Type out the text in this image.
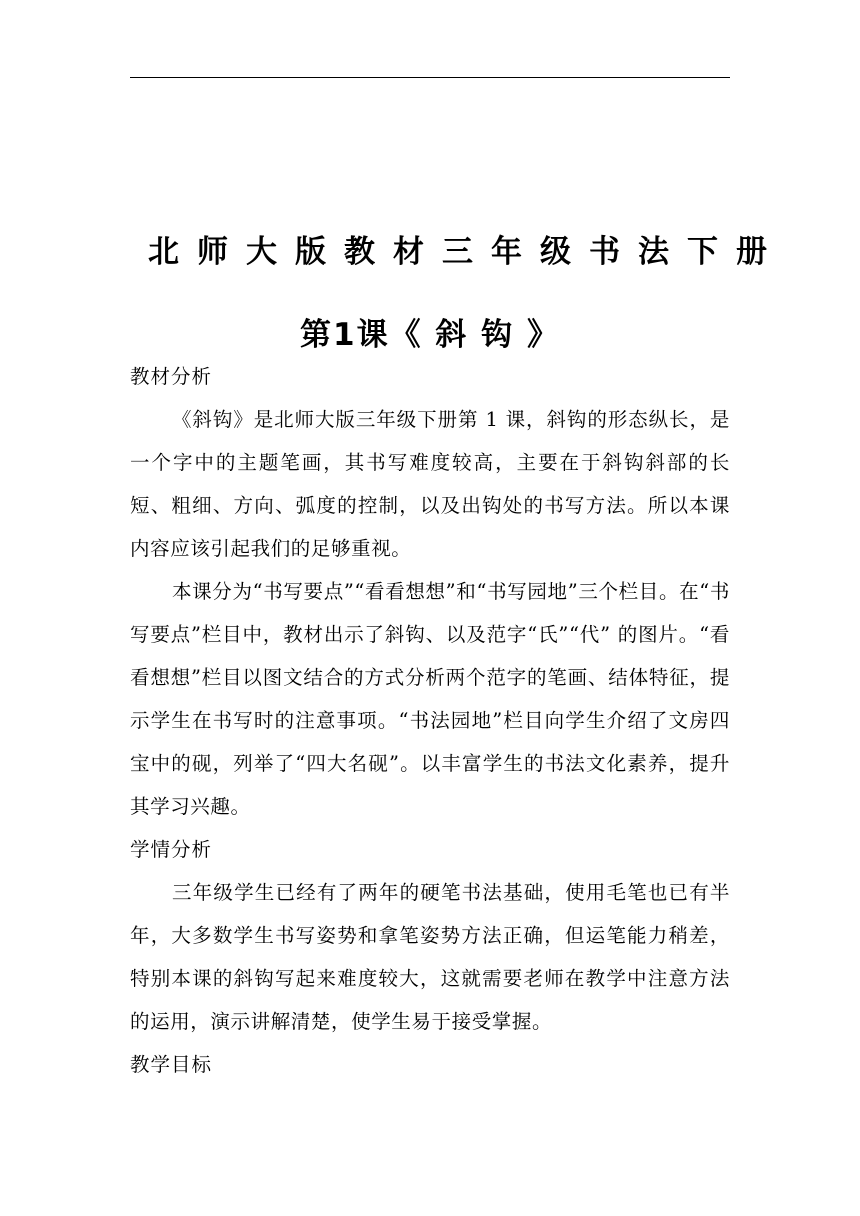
北师大版教材三年级书法下册
第1课《 斜 钩 》

教材分析

《斜钩》是北师大版三年级下册第 1 课，斜钩的形态纵长，是一个字中的主题笔画，其书写难度较高，主要在于斜钩斜部的长短、粗细、方向、弧度的控制，以及出钩处的书写方法。所以本课内容应该引起我们的足够重视。

本课分为“书写要点”“看看想想”和“书写园地”三个栏目。在“书写要点”栏目中，教材出示了斜钩、以及范字“氏”“代” 的图片。“看看想想”栏目以图文结合的方式分析两个范字的笔画、结体特征，提示学生在书写时的注意事项。“书法园地”栏目向学生介绍了文房四宝中的砚，列举了“四大名砚”。以丰富学生的书法文化素养，提升其学习兴趣。

学情分析

三年级学生已经有了两年的硬笔书法基础，使用毛笔也已有半年，大多数学生书写姿势和拿笔姿势方法正确，但运笔能力稍差，特别本课的斜钩写起来难度较大，这就需要老师在教学中注意方法的运用，演示讲解清楚，使学生易于接受掌握。

教学目标
